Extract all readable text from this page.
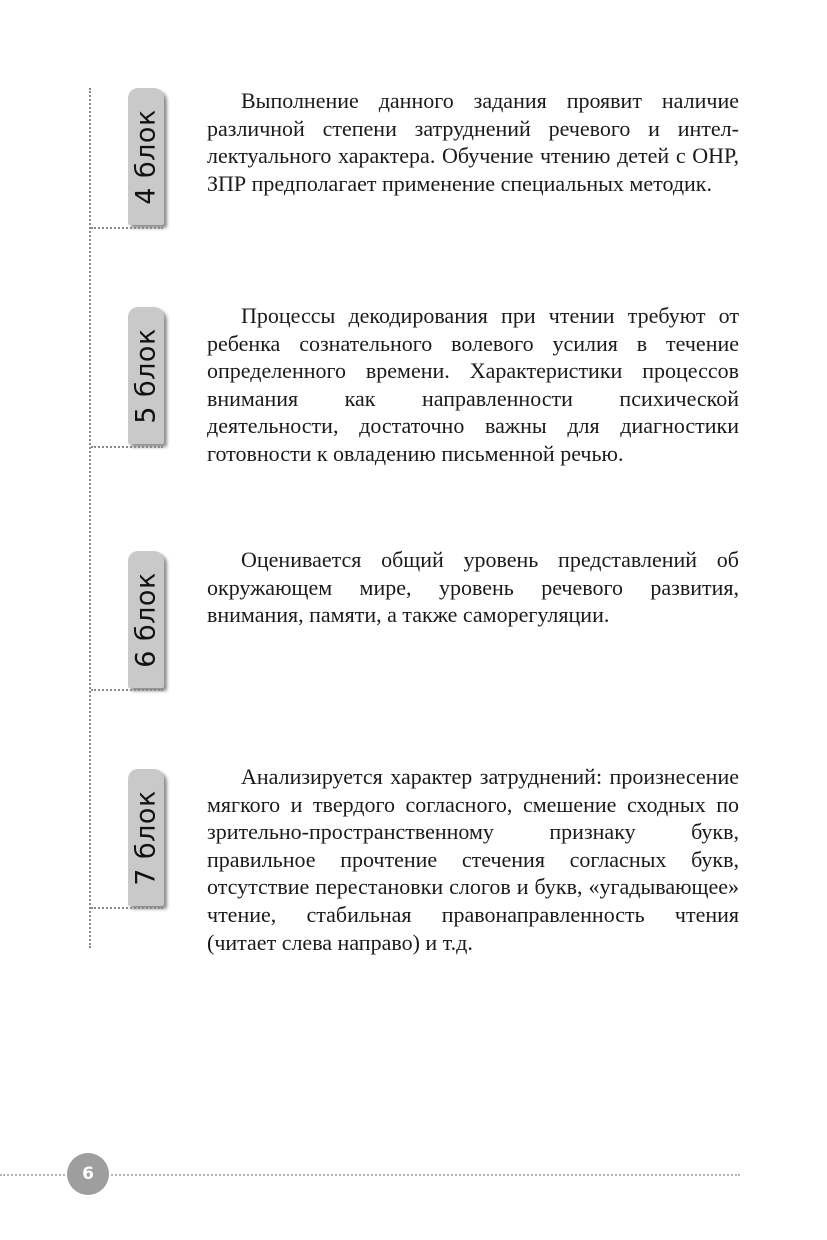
4 блок

Выполнение данного задания проявит наличие различной степени затруднений речевого и интеллектуального характера. Обучение чтению детей с ОНР, ЗПР предполагает применение специальных методик.

5 блок

Процессы декодирования при чтении требуют от ребенка сознательного волевого усилия в течение определенного времени. Характеристики процессов внимания как направленности психической деятельности, достаточно важны для диагностики готовности к овладению письменной речью.

6 блок

Оценивается общий уровень представлений об окружающем мире, уровень речевого развития, внимания, памяти, а также саморегуляции.

7 блок

Анализируется характер затруднений: произнесение мягкого и твердого согласного, смешение сходных по зрительно-пространственному признаку букв, правильное прочтение стечения согласных букв, отсутствие перестановки слогов и букв, «угадывающее» чтение, стабильная правонаправленность чтения (читает слева направо) и т.д.

6
